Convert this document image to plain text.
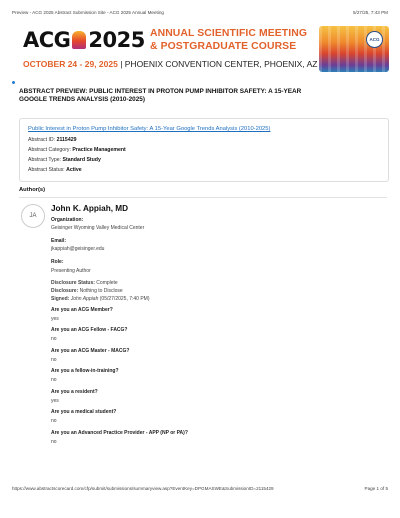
Preview - ACG 2025 Abstract Submission Site - ACG 2025 Annual Meeting	5/27/25, 7:43 PM
ACG 2025 ANNUAL SCIENTIFIC MEETING
& POSTGRADUATE COURSE
OCTOBER 24 - 29, 2025 | PHOENIX CONVENTION CENTER, PHOENIX, AZ
ACG
ABSTRACT PREVIEW: PUBLIC INTEREST IN PROTON PUMP INHIBITOR SAFETY: A 15-YEAR GOOGLE TRENDS ANALYSIS (2010-2025)
Public Interest in Proton Pump Inhibitor Safety: A 15-Year Google Trends Analysis (2010-2025)
Abstract ID: 2115429
Abstract Category: Practice Management
Abstract Type: Standard Study
Abstract Status: Active
Author(s)
JA
John K. Appiah, MD
Organization:
Geisinger Wyoming Valley Medical Center
Email:
jkappiah@geisinger.edu
Role:
Presenting Author
Disclosure Status: Complete
Disclosure: Nothing to Disclose
Signed: John Appiah (05/27/2025, 7:40 PM)
Are you an ACG Member?
yes
Are you an ACG Fellow - FACG?
no
Are you an ACG Master - MACG?
no
Are you a fellow-in-training?
no
Are you a resident?
yes
Are you a medical student?
no
Are you an Advanced Practice Provider - APP (NP or PA)?
no
https://www.abstractscorecard.com/cfp/submit/submissions/summaryview.asp?EventKey=DPGMASWE&SubmissionID=2115429	Page 1 of 5
